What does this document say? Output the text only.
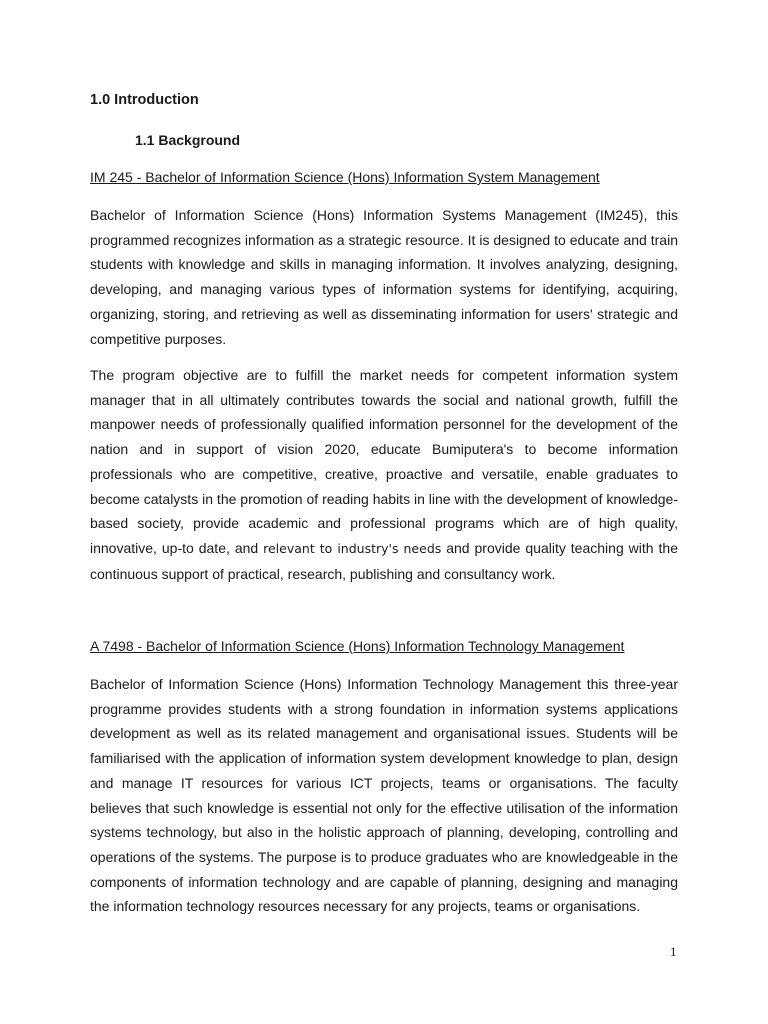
1.0 Introduction
1.1 Background

IM 245 - Bachelor of Information Science (Hons) Information System Management

Bachelor of Information Science (Hons) Information Systems Management (IM245), this programmed recognizes information as a strategic resource. It is designed to educate and train students with knowledge and skills in managing information. It involves analyzing, designing, developing, and managing various types of information systems for identifying, acquiring, organizing, storing, and retrieving as well as disseminating information for users' strategic and competitive purposes.

The program objective are to fulfill the market needs for competent information system manager that in all ultimately contributes towards the social and national growth, fulfill the manpower needs of professionally qualified information personnel for the development of the nation and in support of vision 2020, educate Bumiputera's to become information professionals who are competitive, creative, proactive and versatile, enable graduates to become catalysts in the promotion of reading habits in line with the development of knowledge-based society, provide academic and professional programs which are of high quality, innovative, up-to date, and relevant to industry's needs and provide quality teaching with the continuous support of practical, research, publishing and consultancy work.

A 7498 - Bachelor of Information Science (Hons) Information Technology Management

Bachelor of Information Science (Hons) Information Technology Management this three-year programme provides students with a strong foundation in information systems applications development as well as its related management and organisational issues. Students will be familiarised with the application of information system development knowledge to plan, design and manage IT resources for various ICT projects, teams or organisations. The faculty believes that such knowledge is essential not only for the effective utilisation of the information systems technology, but also in the holistic approach of planning, developing, controlling and operations of the systems. The purpose is to produce graduates who are knowledgeable in the components of information technology and are capable of planning, designing and managing the information technology resources necessary for any projects, teams or organisations.

1
